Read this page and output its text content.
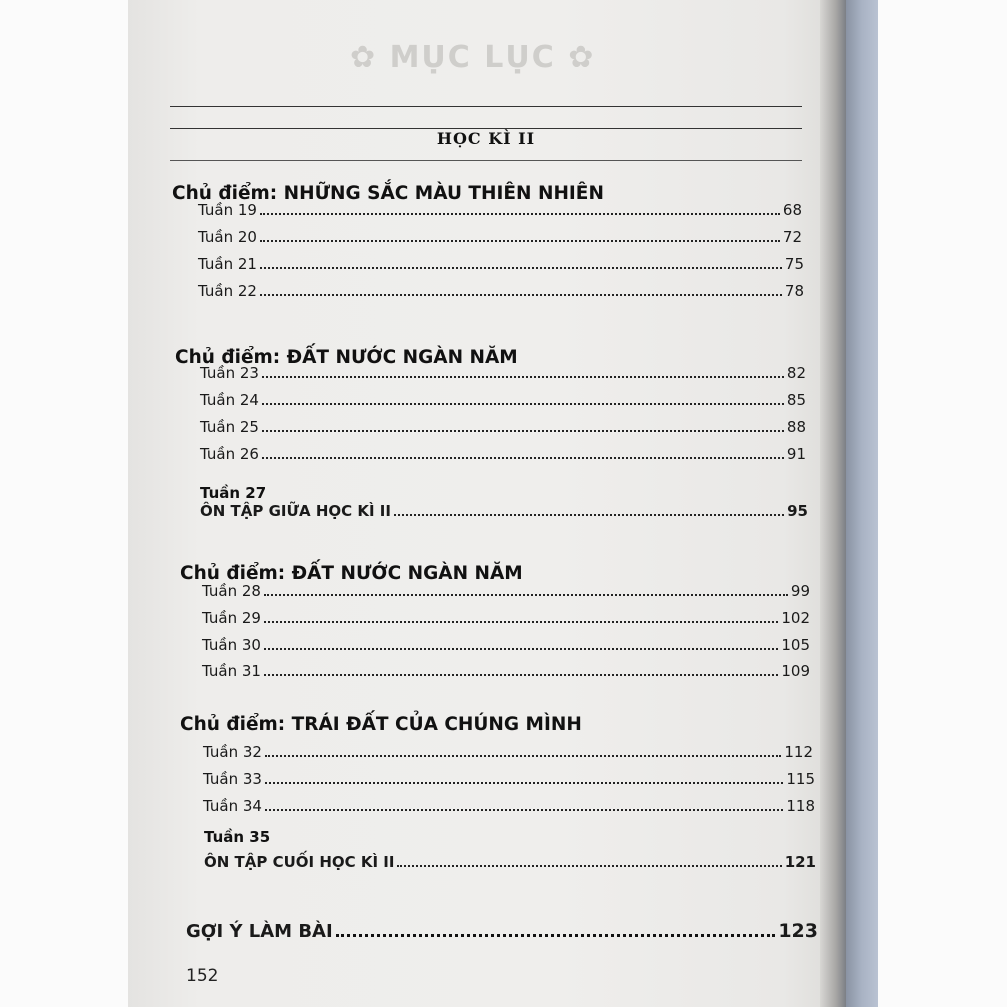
✿ MỤC LỤC ✿
HỌC KÌ II
Chủ điểm: NHỮNG SẮC MÀU THIÊN NHIÊN
Tuần 19	68
Tuần 20	72
Tuần 21	75
Tuần 22	78
Chủ điểm: ĐẤT NƯỚC NGÀN NĂM
Tuần 23	82
Tuần 24	85
Tuần 25	88
Tuần 26	91
Tuần 27
ÔN TẬP GIỮA HỌC KÌ II	95
Chủ điểm: ĐẤT NƯỚC NGÀN NĂM
Tuần 28	99
Tuần 29	102
Tuần 30	105
Tuần 31	109
Chủ điểm: TRÁI ĐẤT CỦA CHÚNG MÌNH
Tuần 32	112
Tuần 33	115
Tuần 34	118
Tuần 35
ÔN TẬP CUỐI HỌC KÌ II	121
GỢI Ý LÀM BÀI	123
152
